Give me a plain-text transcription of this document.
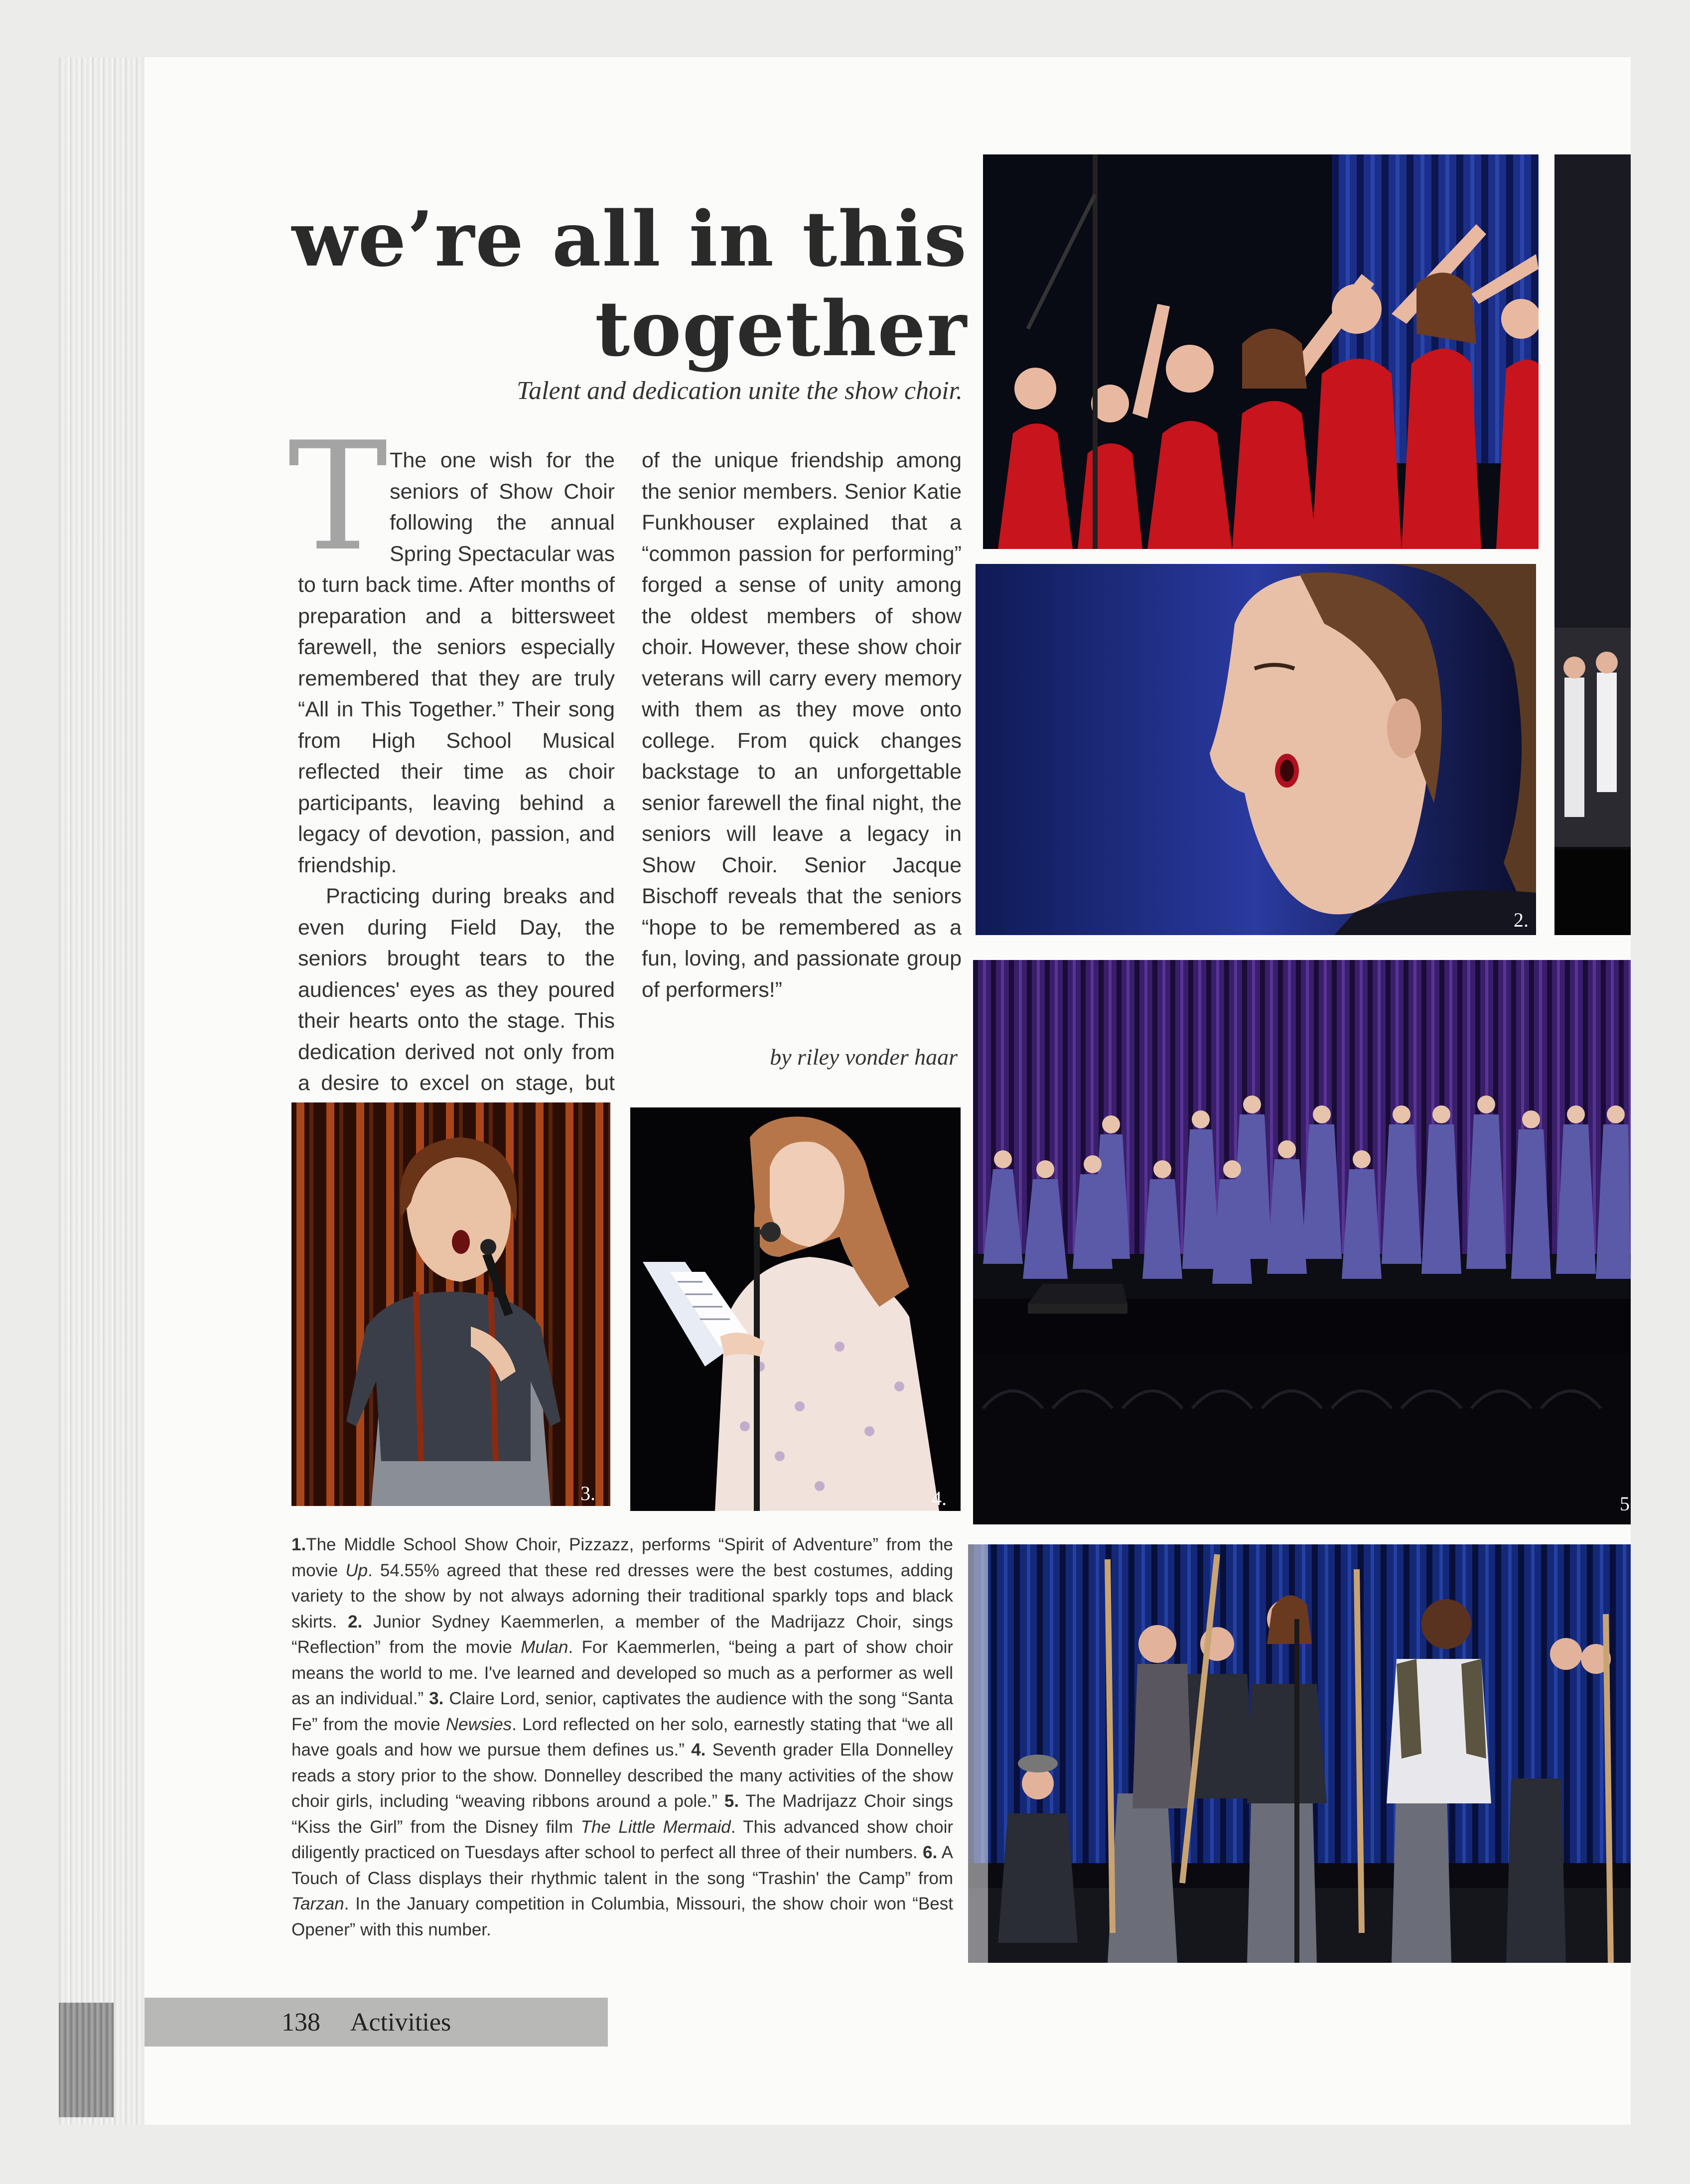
we’re all in this
together
Talent and dedication unite the show choir.
T The one wish for the seniors of Show Choir following the annual Spring Spectacular was to turn back time. After months of preparation and a bittersweet farewell, the seniors especially remembered that they are truly “All in This Together.” Their song from High School Musical reflected their time as choir participants, leaving behind a legacy of devotion, passion, and friendship.

Practicing during breaks and even during Field Day, the seniors brought tears to the audiences' eyes as they poured their hearts onto the stage. This dedication derived not only from a desire to excel on stage, but

of the unique friendship among the senior members. Senior Katie Funkhouser explained that a “common passion for performing” forged a sense of unity among the oldest members of show choir. However, these show choir veterans will carry every memory with them as they move onto college. From quick changes backstage to an unforgettable senior farewell the final night, the seniors will leave a legacy in Show Choir. Senior Jacque Bischoff reveals that the seniors “hope to be remembered as a fun, loving, and passionate group of performers!”

by riley vonder haar
2.
5
3.	4.
1.The Middle School Show Choir, Pizzazz, performs “Spirit of Adventure” from the movie Up. 54.55% agreed that these red dresses were the best costumes, adding variety to the show by not always adorning their traditional sparkly tops and black skirts. 2. Junior Sydney Kaemmerlen, a member of the Madrijazz Choir, sings “Reflection” from the movie Mulan. For Kaemmerlen, “being a part of show choir means the world to me. I've learned and developed so much as a performer as well as an individual.” 3. Claire Lord, senior, captivates the audience with the song “Santa Fe” from the movie Newsies. Lord reflected on her solo, earnestly stating that “we all have goals and how we pursue them defines us.” 4. Seventh grader Ella Donnelley reads a story prior to the show. Donnelley described the many activities of the show choir girls, including “weaving ribbons around a pole.” 5. The Madrijazz Choir sings “Kiss the Girl” from the Disney film The Little Mermaid. This advanced show choir diligently practiced on Tuesdays after school to perfect all three of their numbers. 6. A Touch of Class displays their rhythmic talent in the song “Trashin' the Camp” from Tarzan. In the January competition in Columbia, Missouri, the show choir won “Best Opener” with this number.
138 Activities
